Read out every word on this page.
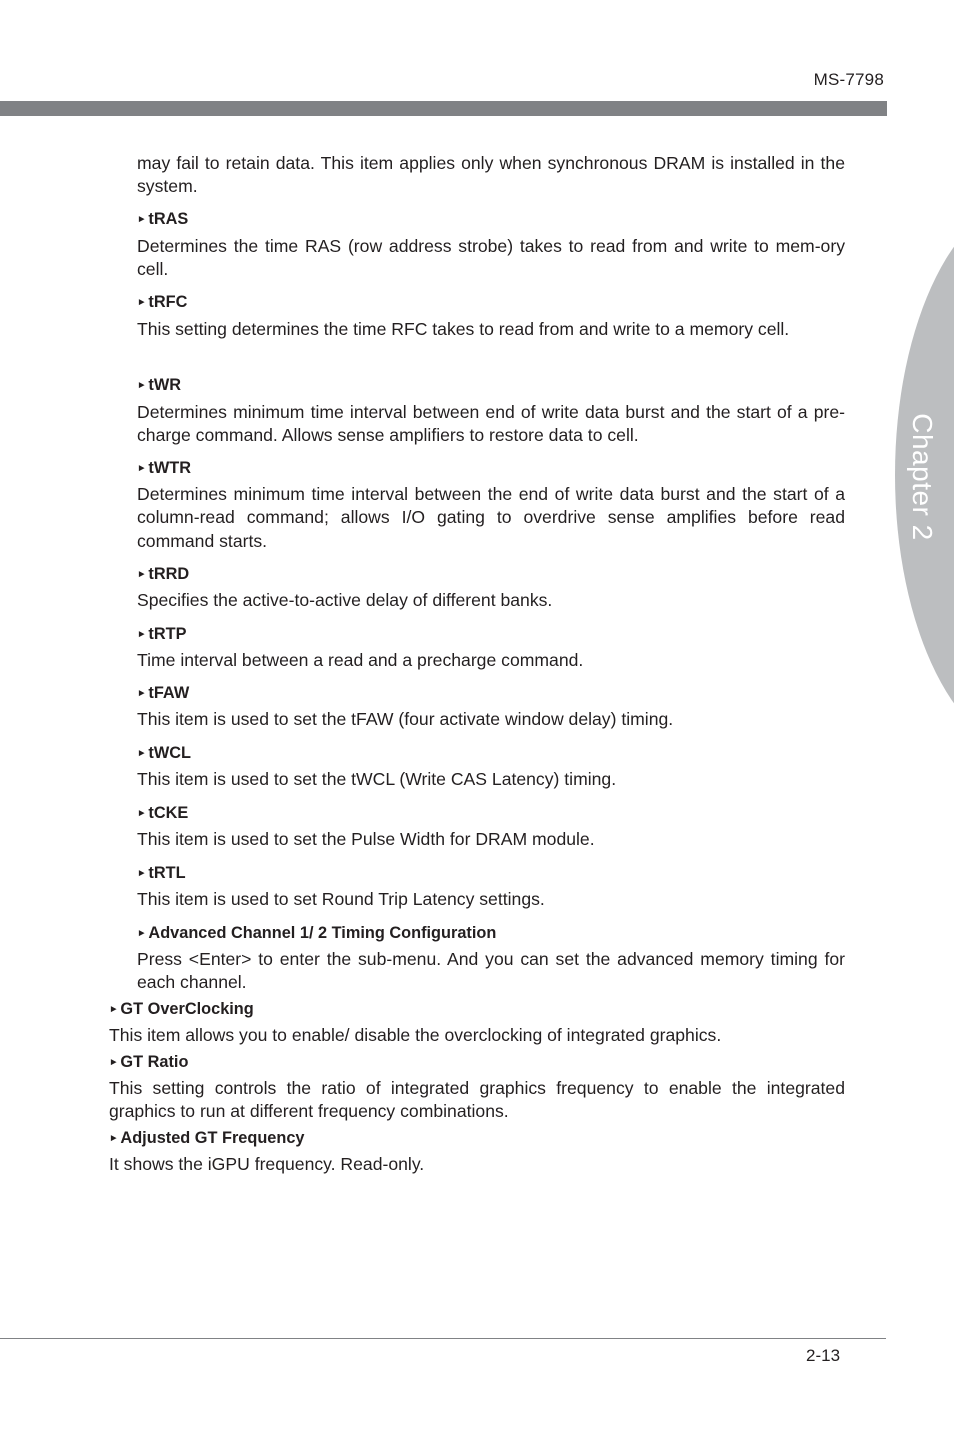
MS-7798
Chapter 2

may fail to retain data. This item applies only when synchronous DRAM is installed in the system.

► tRAS

Determines the time RAS (row address strobe) takes to read from and write to mem-ory cell.

► tRFC

This setting determines the time RFC takes to read from and write to a memory cell.

► tWR

Determines minimum time interval between end of write data burst and the start of a pre-charge command. Allows sense amplifiers to restore data to cell.

► tWTR

Determines minimum time interval between the end of write data burst and the start of a column-read command; allows I/O gating to overdrive sense amplifies before read command starts.

► tRRD

Specifies the active-to-active delay of different banks.

► tRTP

Time interval between a read and a precharge command.

► tFAW

This item is used to set the tFAW (four activate window delay) timing.

► tWCL

This item is used to set the tWCL (Write CAS Latency) timing.

► tCKE

This item is used to set the Pulse Width for DRAM module.

► tRTL

This item is used to set Round Trip Latency settings.

► Advanced Channel 1/ 2 Timing Configuration

Press <Enter> to enter the sub-menu. And you can set the advanced memory timing for each channel.

► GT OverClocking

This item allows you to enable/ disable the overclocking of integrated graphics.

► GT Ratio

This setting controls the ratio of integrated graphics frequency to enable the integrated graphics to run at different frequency combinations.

► Adjusted GT Frequency

It shows the iGPU frequency. Read-only.

2-13
